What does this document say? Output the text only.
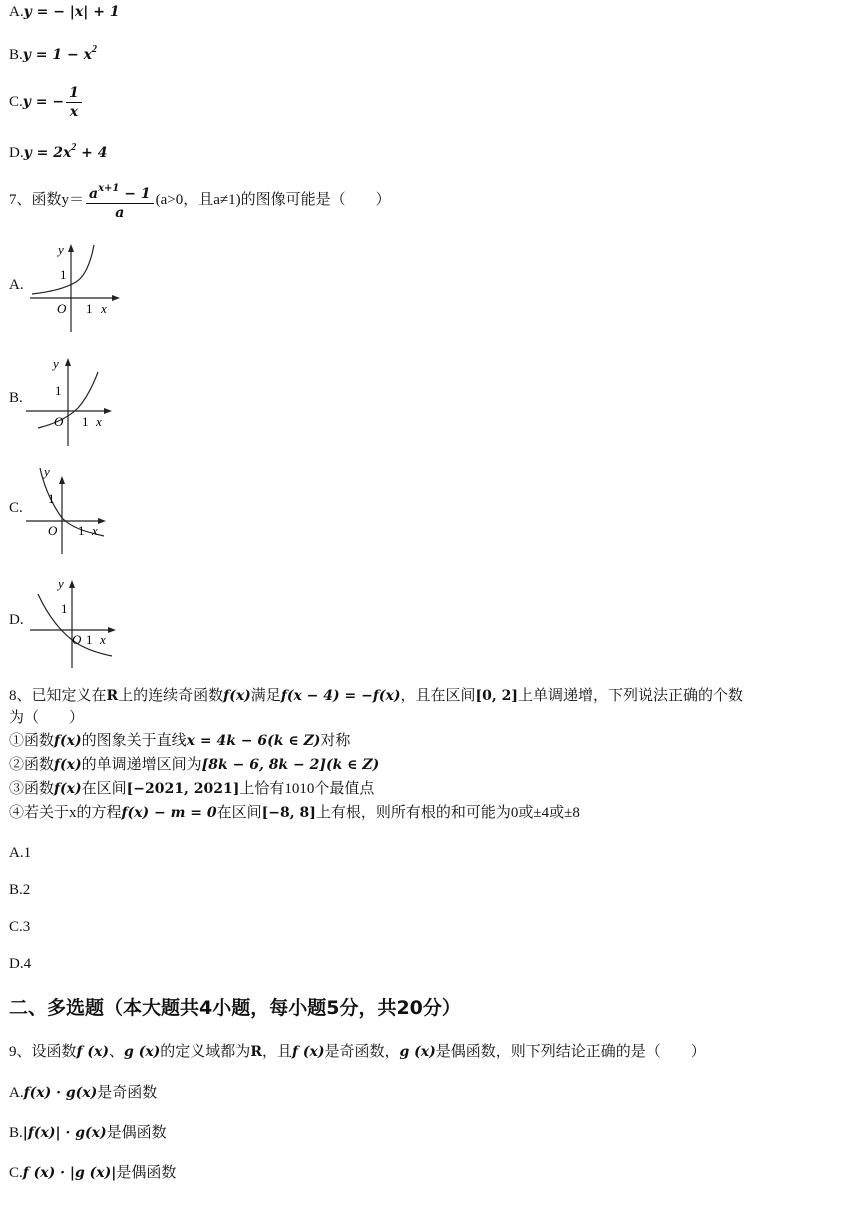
A.y = − |x| + 1
$B.y = 1 - x^2$
C.y = − $\frac{1}{x}$
$D.y = 2x^2 + 4$
7、函数$y= \frac{a^{x+1} - 1}{a} (a>0$，且a≠1)的图像可能是（　　）
A.
y
1
O 1 x
B.
y
1
O 1 x
C.
y
1
O 1 x
D.
y
1
O 1 x
8、已知定义在R上的连续奇函数f(x)满足f(x − 4) = −f(x)，且在区间[0, 2]上单调递增，下列说法正确的个数
为（　　）
①函数f(x)的图象关于直线x = 4k − 6(k ∈ Z)对称
②函数f(x)的单调递增区间为[8k − 6, 8k − 2](k ∈ Z)
③函数f(x)在区间[−2021, 2021]上恰有1010个最值点
④若关于x的方程f(x) − m = 0在区间[−8, 8]上有根，则所有根的和可能为0或±4或±8
A.1
B.2
C.3
D.4
二、多选题（本大题共4小题，每小题5分，共20分）
9、设函数f (x)、g (x)的定义域都为R，且f (x)是奇函数，g (x)是偶函数，则下列结论正确的是（　　）
A.f(x) · g(x)是奇函数
B.|f(x)| · g(x)是偶函数
C.f (x) · |g (x)|是偶函数
